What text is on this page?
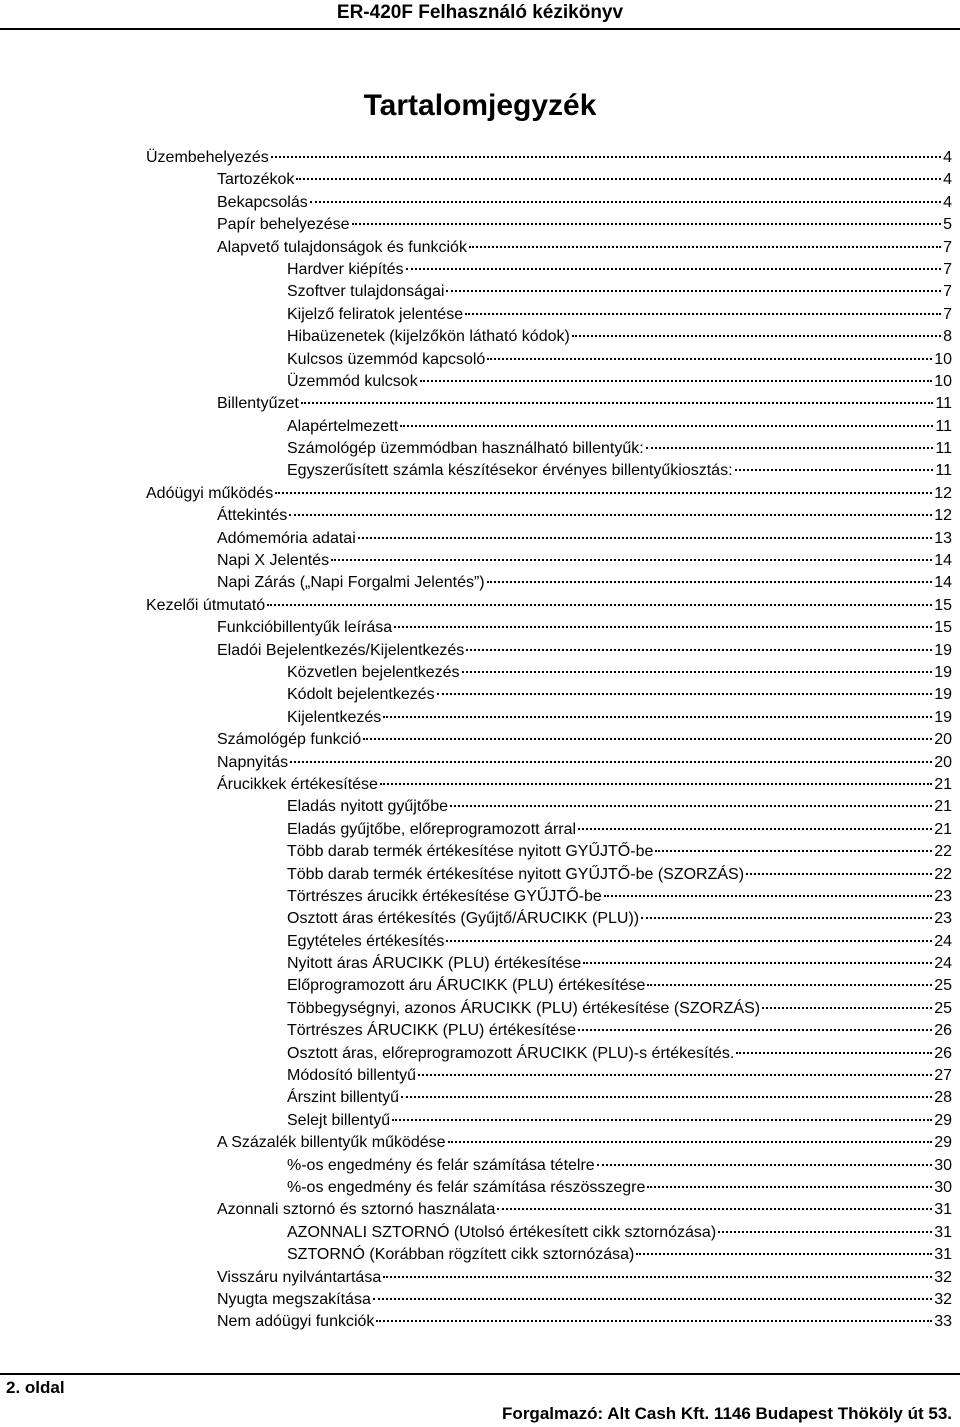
ER-420F Felhasználó kézikönyv
Tartalomjegyzék
Üzembehelyezés	4
Tartozékok	4
Bekapcsolás	4
Papír behelyezése	5
Alapvető tulajdonságok és funkciók	7
Hardver kiépítés	7
Szoftver tulajdonságai	7
Kijelző feliratok jelentése	7
Hibaüzenetek (kijelzőkön látható kódok)	8
Kulcsos üzemmód kapcsoló	10
Üzemmód kulcsok	10
Billentyűzet	11
Alapértelmezett	11
Számológép üzemmódban használható billentyűk:	11
Egyszerűsített számla készítésekor érvényes billentyűkiosztás:	11
Adóügyi működés	12
Áttekintés	12
Adómemória adatai	13
Napi X Jelentés	14
Napi Zárás („Napi Forgalmi Jelentés”)	14
Kezelői útmutató	15
Funkcióbillentyűk leírása	15
Eladói Bejelentkezés/Kijelentkezés	19
Közvetlen bejelentkezés	19
Kódolt bejelentkezés	19
Kijelentkezés	19
Számológép funkció	20
Napnyitás	20
Árucikkek értékesítése	21
Eladás nyitott gyűjtőbe	21
Eladás gyűjtőbe, előreprogramozott árral	21
Több darab termék értékesítése nyitott GYŰJTŐ-be	22
Több darab termék értékesítése nyitott GYŰJTŐ-be (SZORZÁS)	22
Törtrészes árucikk értékesítése GYŰJTŐ-be	23
Osztott áras értékesítés (Gyűjtő/ÁRUCIKK (PLU))	23
Egytételes értékesítés	24
Nyitott áras ÁRUCIKK (PLU) értékesítése	24
Előprogramozott áru ÁRUCIKK (PLU) értékesítése	25
Többegységnyi, azonos ÁRUCIKK (PLU) értékesítése (SZORZÁS)	25
Törtrészes ÁRUCIKK (PLU) értékesítése	26
Osztott áras, előreprogramozott ÁRUCIKK (PLU)-s értékesítés.	26
Módosító billentyű	27
Árszint billentyű	28
Selejt billentyű	29
A Százalék billentyűk működése	29
%-os engedmény és felár számítása tételre	30
%-os engedmény és felár számítása részösszegre	30
Azonnali sztornó és sztornó használata	31
AZONNALI SZTORNÓ (Utolsó értékesített cikk sztornózása)	31
SZTORNÓ (Korábban rögzített cikk sztornózása)	31
Visszáru nyilvántartása	32
Nyugta megszakítása	32
Nem adóügyi funkciók	33
2. oldal
Forgalmazó: Alt Cash Kft. 1146 Budapest Thököly út 53.
